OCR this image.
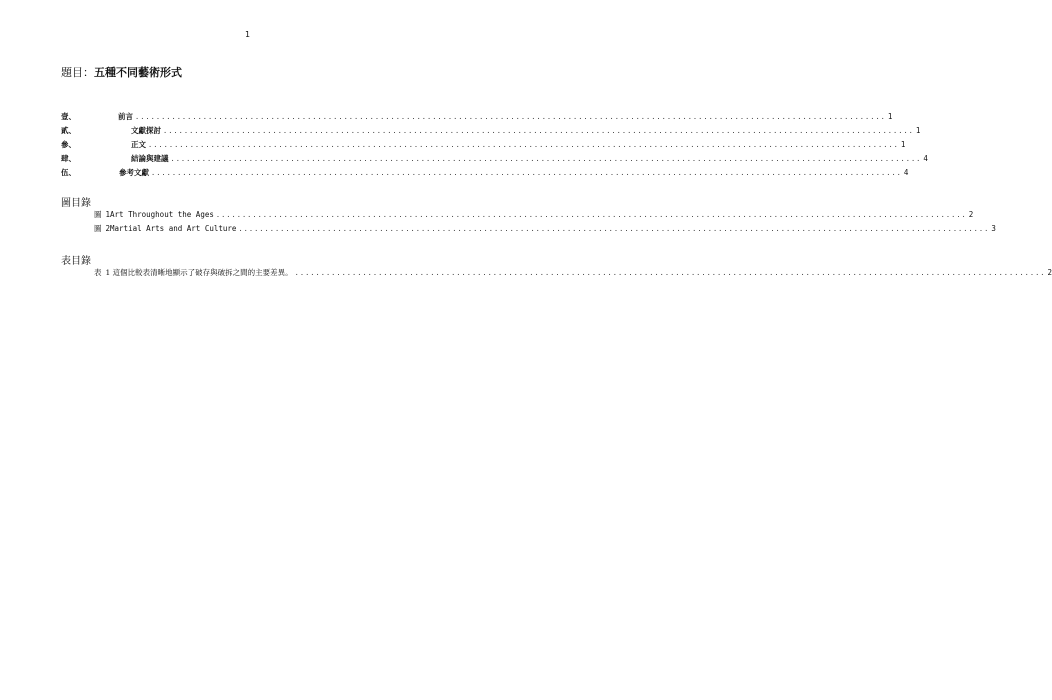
1
題目：五種不同藝術形式
壹、	前言 ................................................................................................................................................ 1
貳、	文獻探討 ................................................................................................................................................ 1
參、	正文 ................................................................................................................................................ 1
肆、	結論與建議 ................................................................................................................................................ 4
伍、	參考文獻 ................................................................................................................................................ 4
圖目錄
圖 1Art Throughout the Ages ................................................................................................................................................ 2
圖 2Martial Arts and Art Culture ................................................................................................................................................ 3
表目錄
表 1 這個比較表清晰地顯示了破存與破拆之間的主要差異。 ................................................................................................................................................ 2
